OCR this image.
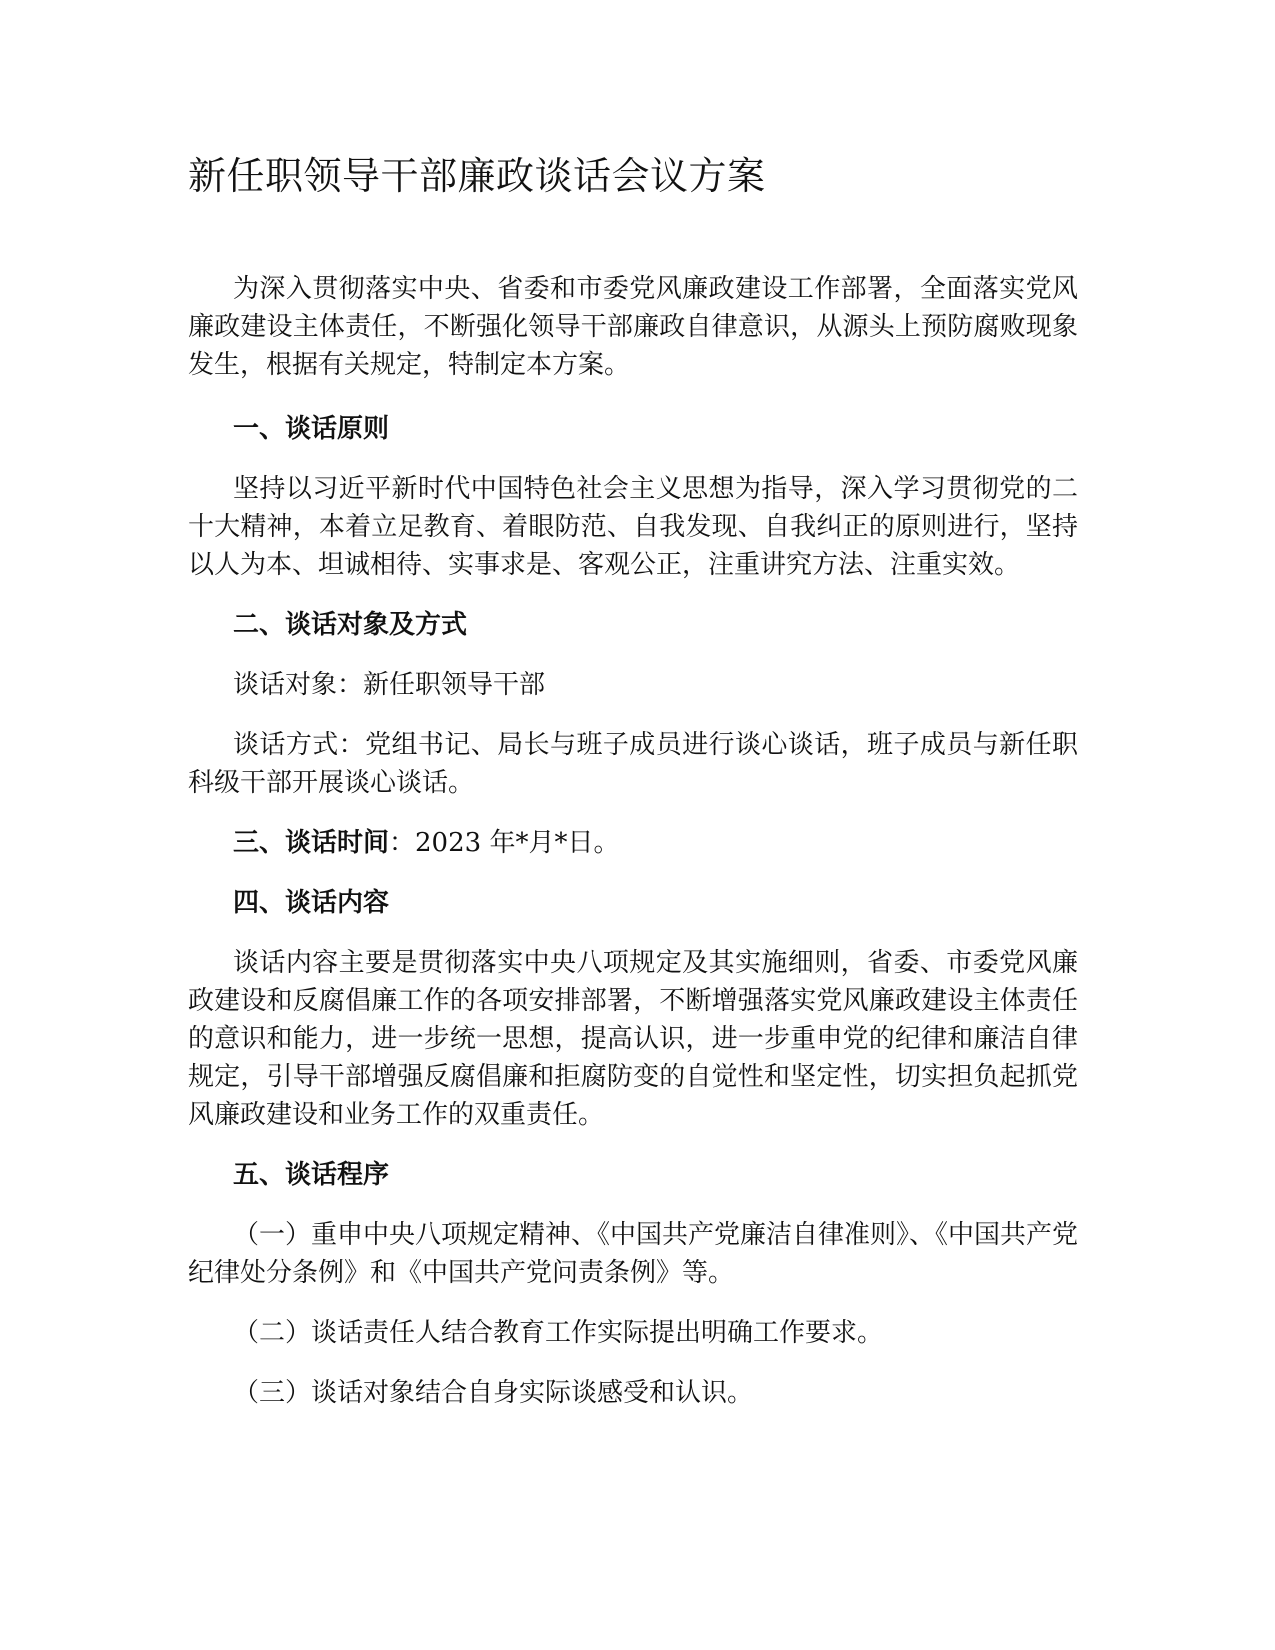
新任职领导干部廉政谈话会议方案

为深入贯彻落实中央、省委和市委党风廉政建设工作部署，全面落实党风廉政建设主体责任，不断强化领导干部廉政自律意识，从源头上预防腐败现象发生，根据有关规定，特制定本方案。

一、谈话原则

坚持以习近平新时代中国特色社会主义思想为指导，深入学习贯彻党的二十大精神，本着立足教育、着眼防范、自我发现、自我纠正的原则进行，坚持以人为本、坦诚相待、实事求是、客观公正，注重讲究方法、注重实效。

二、谈话对象及方式

谈话对象：新任职领导干部

谈话方式：党组书记、局长与班子成员进行谈心谈话，班子成员与新任职科级干部开展谈心谈话。

三、谈话时间：2023 年*月*日。

四、谈话内容

谈话内容主要是贯彻落实中央八项规定及其实施细则，省委、市委党风廉政建设和反腐倡廉工作的各项安排部署，不断增强落实党风廉政建设主体责任的意识和能力，进一步统一思想，提高认识，进一步重申党的纪律和廉洁自律规定，引导干部增强反腐倡廉和拒腐防变的自觉性和坚定性，切实担负起抓党风廉政建设和业务工作的双重责任。

五、谈话程序

（一）重申中央八项规定精神、《中国共产党廉洁自律准则》、《中国共产党纪律处分条例》和《中国共产党问责条例》等。

（二）谈话责任人结合教育工作实际提出明确工作要求。

（三）谈话对象结合自身实际谈感受和认识。
